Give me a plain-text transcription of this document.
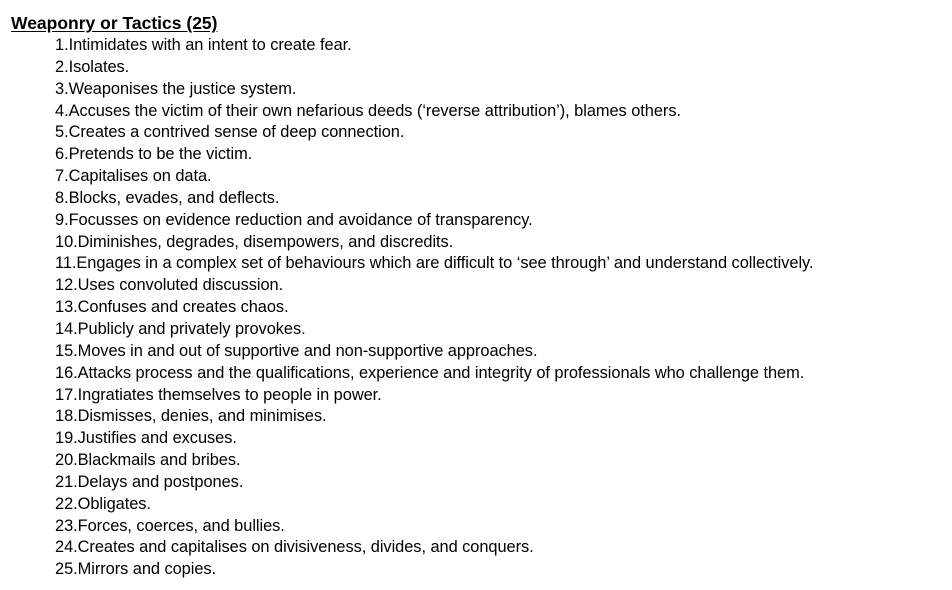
Weaponry or Tactics (25)
1.Intimidates with an intent to create fear.
2.Isolates.
3.Weaponises the justice system.
4.Accuses the victim of their own nefarious deeds (‘reverse attribution’), blames others.
5.Creates a contrived sense of deep connection.
6.Pretends to be the victim.
7.Capitalises on data.
8.Blocks, evades, and deflects.
9.Focusses on evidence reduction and avoidance of transparency.
10.Diminishes, degrades, disempowers, and discredits.
11.Engages in a complex set of behaviours which are difficult to ‘see through’ and understand collectively.
12.Uses convoluted discussion.
13.Confuses and creates chaos.
14.Publicly and privately provokes.
15.Moves in and out of supportive and non-supportive approaches.
16.Attacks process and the qualifications, experience and integrity of professionals who challenge them.
17.Ingratiates themselves to people in power.
18.Dismisses, denies, and minimises.
19.Justifies and excuses.
20.Blackmails and bribes.
21.Delays and postpones.
22.Obligates.
23.Forces, coerces, and bullies.
24.Creates and capitalises on divisiveness, divides, and conquers.
25.Mirrors and copies.
